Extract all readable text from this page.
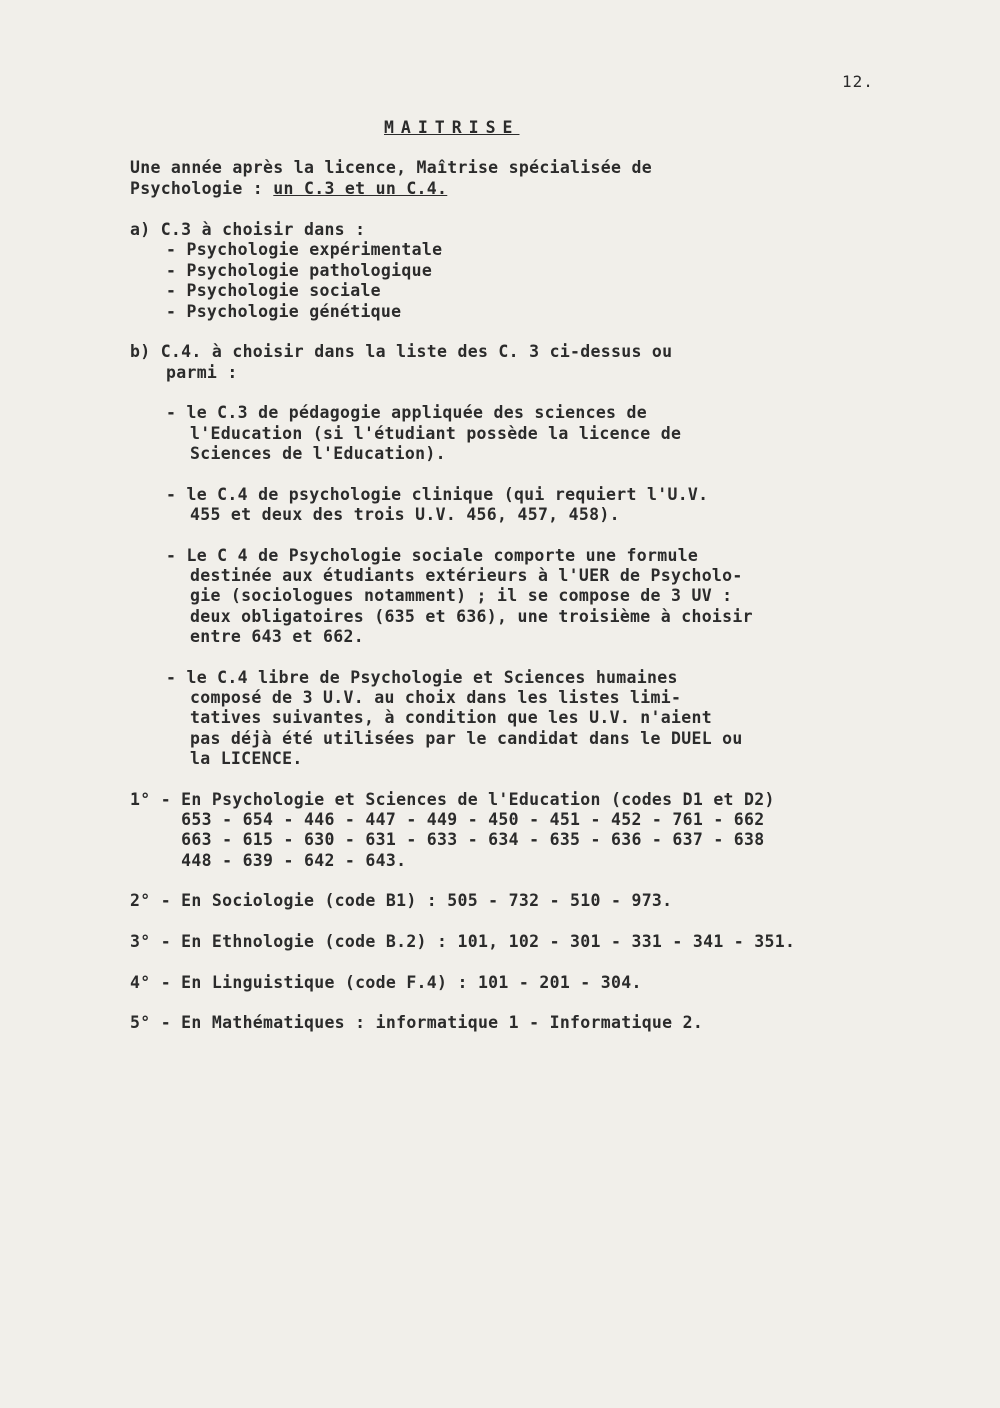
12.
MAITRISE
Une année après la licence, Maîtrise spécialisée de
Psychologie : un C.3 et un C.4.
a) C.3 à choisir dans :
- Psychologie expérimentale
- Psychologie pathologique
- Psychologie sociale
- Psychologie génétique
b) C.4. à choisir dans la liste des C. 3 ci-dessus ou
parmi :
- le C.3 de pédagogie appliquée des sciences de
l'Education (si l'étudiant possède la licence de
Sciences de l'Education).
- le C.4 de psychologie clinique (qui requiert l'U.V.
455 et deux des trois U.V. 456, 457, 458).
- Le C 4 de Psychologie sociale comporte une formule
destinée aux étudiants extérieurs à l'UER de Psycholo-
gie (sociologues notamment) ; il se compose de 3 UV :
deux obligatoires (635 et 636), une troisième à choisir
entre 643 et 662.
- le C.4 libre de Psychologie et Sciences humaines
composé de 3 U.V. au choix dans les listes limi-
tatives suivantes, à condition que les U.V. n'aient
pas déjà été utilisées par le candidat dans le DUEL ou
la LICENCE.
1° - En Psychologie et Sciences de l'Education (codes D1 et D2)
653 - 654 - 446 - 447 - 449 - 450 - 451 - 452 - 761 - 662
663 - 615 - 630 - 631 - 633 - 634 - 635 - 636 - 637 - 638
448 - 639 - 642 - 643.
2° - En Sociologie (code B1) : 505 - 732 - 510 - 973.
3° - En Ethnologie (code B.2) : 101, 102 - 301 - 331 - 341 - 351.
4° - En Linguistique (code F.4) : 101 - 201 - 304.
5° - En Mathématiques : informatique 1 - Informatique 2.
